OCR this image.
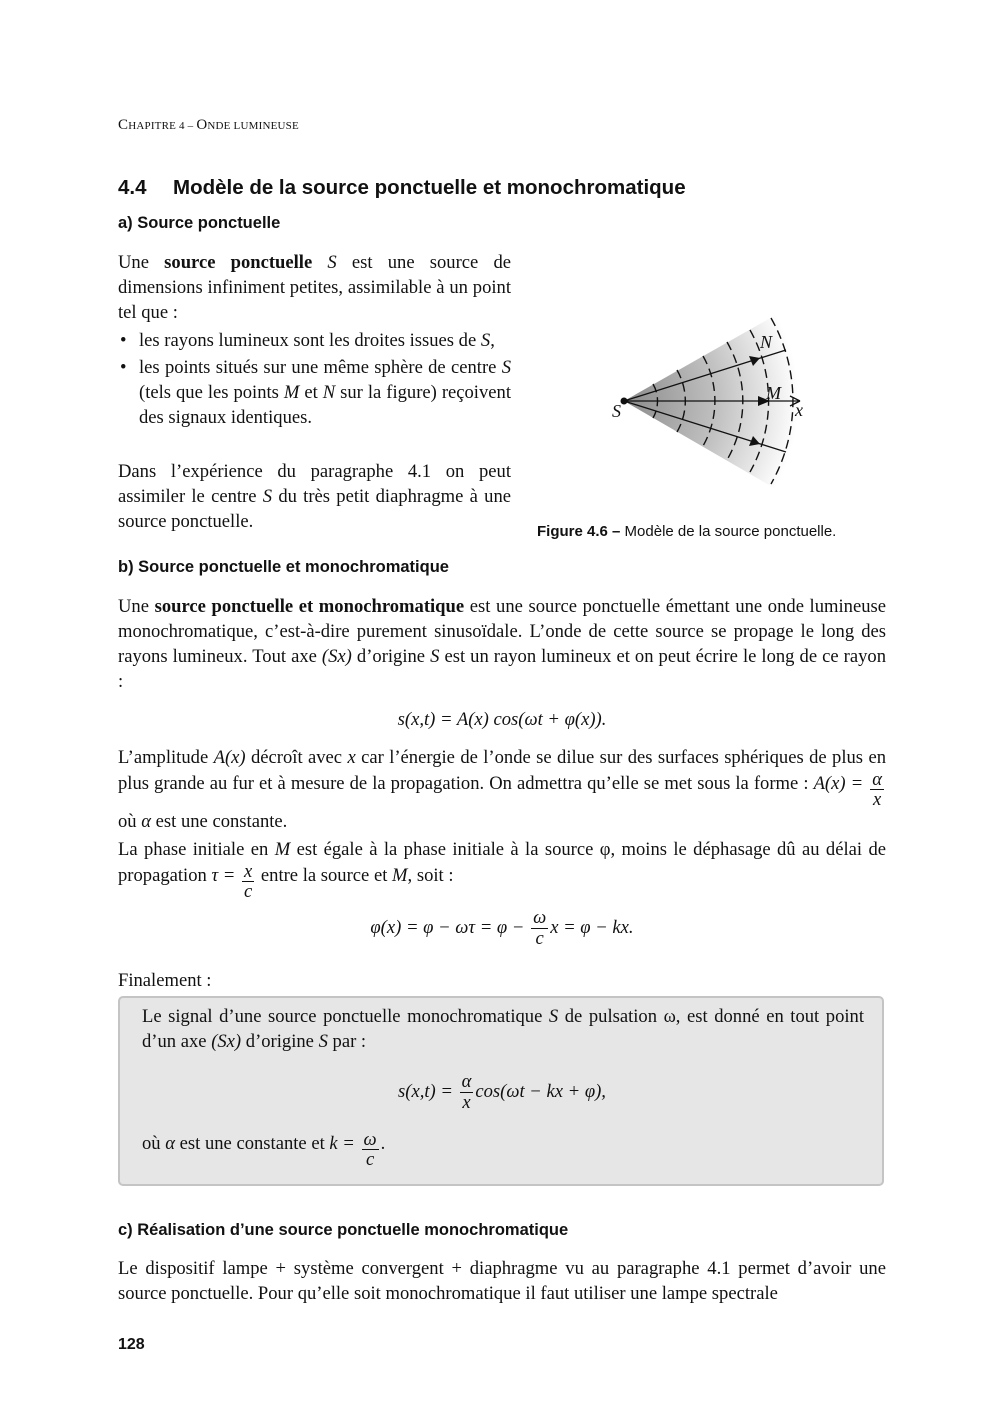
CHAPITRE 4 – ONDE LUMINEUSE
4.4 Modèle de la source ponctuelle et monochromatique
a) Source ponctuelle

Une source ponctuelle S est une source de dimensions infiniment petites, assimilable à un point tel que :

• les rayons lumineux sont les droites issues de S,
• les points situés sur une même sphère de centre S (tels que les points M et N sur la figure) reçoivent des signaux identiques.

Dans l’expérience du paragraphe 4.1 on peut assimiler le centre S du très petit diaphragme à une source ponctuelle.

S
N
M
x
Figure 4.6 – Modèle de la source ponctuelle.
b) Source ponctuelle et monochromatique

Une source ponctuelle et monochromatique est une source ponctuelle émettant une onde lumineuse monochromatique, c’est-à-dire purement sinusoïdale. L’onde de cette source se propage le long des rayons lumineux. Tout axe (Sx) d’origine S est un rayon lumineux et on peut écrire le long de ce rayon :

s(x,t) = A(x) cos(ωt + φ(x)).

L’amplitude A(x) décroît avec x car l’énergie de l’onde se dilue sur des surfaces sphériques de plus en plus grande au fur et à mesure de la propagation. On admettra qu’elle se met sous la forme : $A(x) = \frac{\alpha}{x}$
où α est une constante.

La phase initiale en M est égale à la phase initiale à la source φ, moins le déphasage dû au délai de propagation $\tau = \frac{x}{c}$ entre la source et M, soit :

$\varphi(x) = \varphi - \omega\tau = \varphi - \frac{\omega}{c}$ x = φ − kx.

Finalement :

Le signal d’une source ponctuelle monochromatique S de pulsation ω, est donné en tout point d’un axe (Sx) d’origine S par :

$s(x,t) = \frac{\alpha}{x} \cos(\omega t$ − kx + φ),

où α est une constante et $k = \frac{\omega}{c}$ .

c) Réalisation d’une source ponctuelle monochromatique

Le dispositif lampe + système convergent + diaphragme vu au paragraphe 4.1 permet d’avoir une source ponctuelle. Pour qu’elle soit monochromatique il faut utiliser une lampe spectrale

128
